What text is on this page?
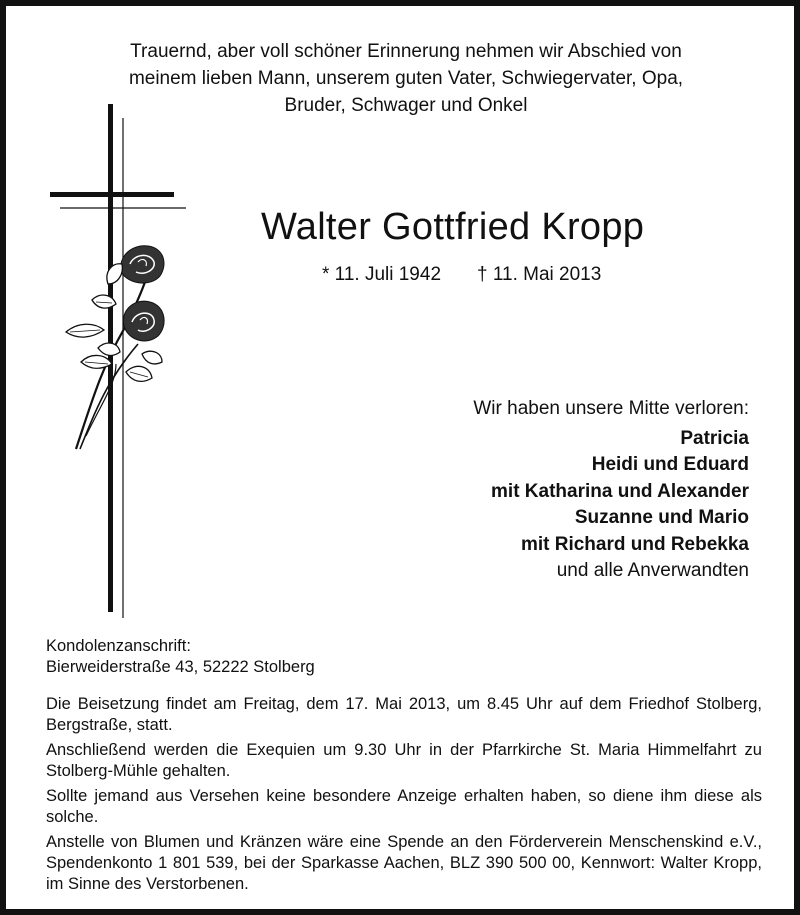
Trauernd, aber voll schöner Erinnerung nehmen wir Abschied von
meinem lieben Mann, unserem guten Vater, Schwiegervater, Opa,
Bruder, Schwager und Onkel
Walter Gottfried Kropp
* 11. Juli 1942 † 11. Mai 2013
Wir haben unsere Mitte verloren:
Patricia
Heidi und Eduard
mit Katharina und Alexander
Suzanne und Mario
mit Richard und Rebekka
und alle Anverwandten
Kondolenzanschrift:
Bierweiderstraße 43, 52222 Stolberg

Die Beisetzung findet am Freitag, dem 17. Mai 2013, um 8.45 Uhr auf dem Friedhof Stolberg, Bergstraße, statt.

Anschließend werden die Exequien um 9.30 Uhr in der Pfarrkirche St. Maria Himmelfahrt zu Stolberg-Mühle gehalten.

Sollte jemand aus Versehen keine besondere Anzeige erhalten haben, so diene ihm diese als solche.

Anstelle von Blumen und Kränzen wäre eine Spende an den Förderverein Menschenskind e.V., Spendenkonto 1 801 539, bei der Sparkasse Aachen, BLZ 390 500 00, Kennwort: Walter Kropp, im Sinne des Verstorbenen.
